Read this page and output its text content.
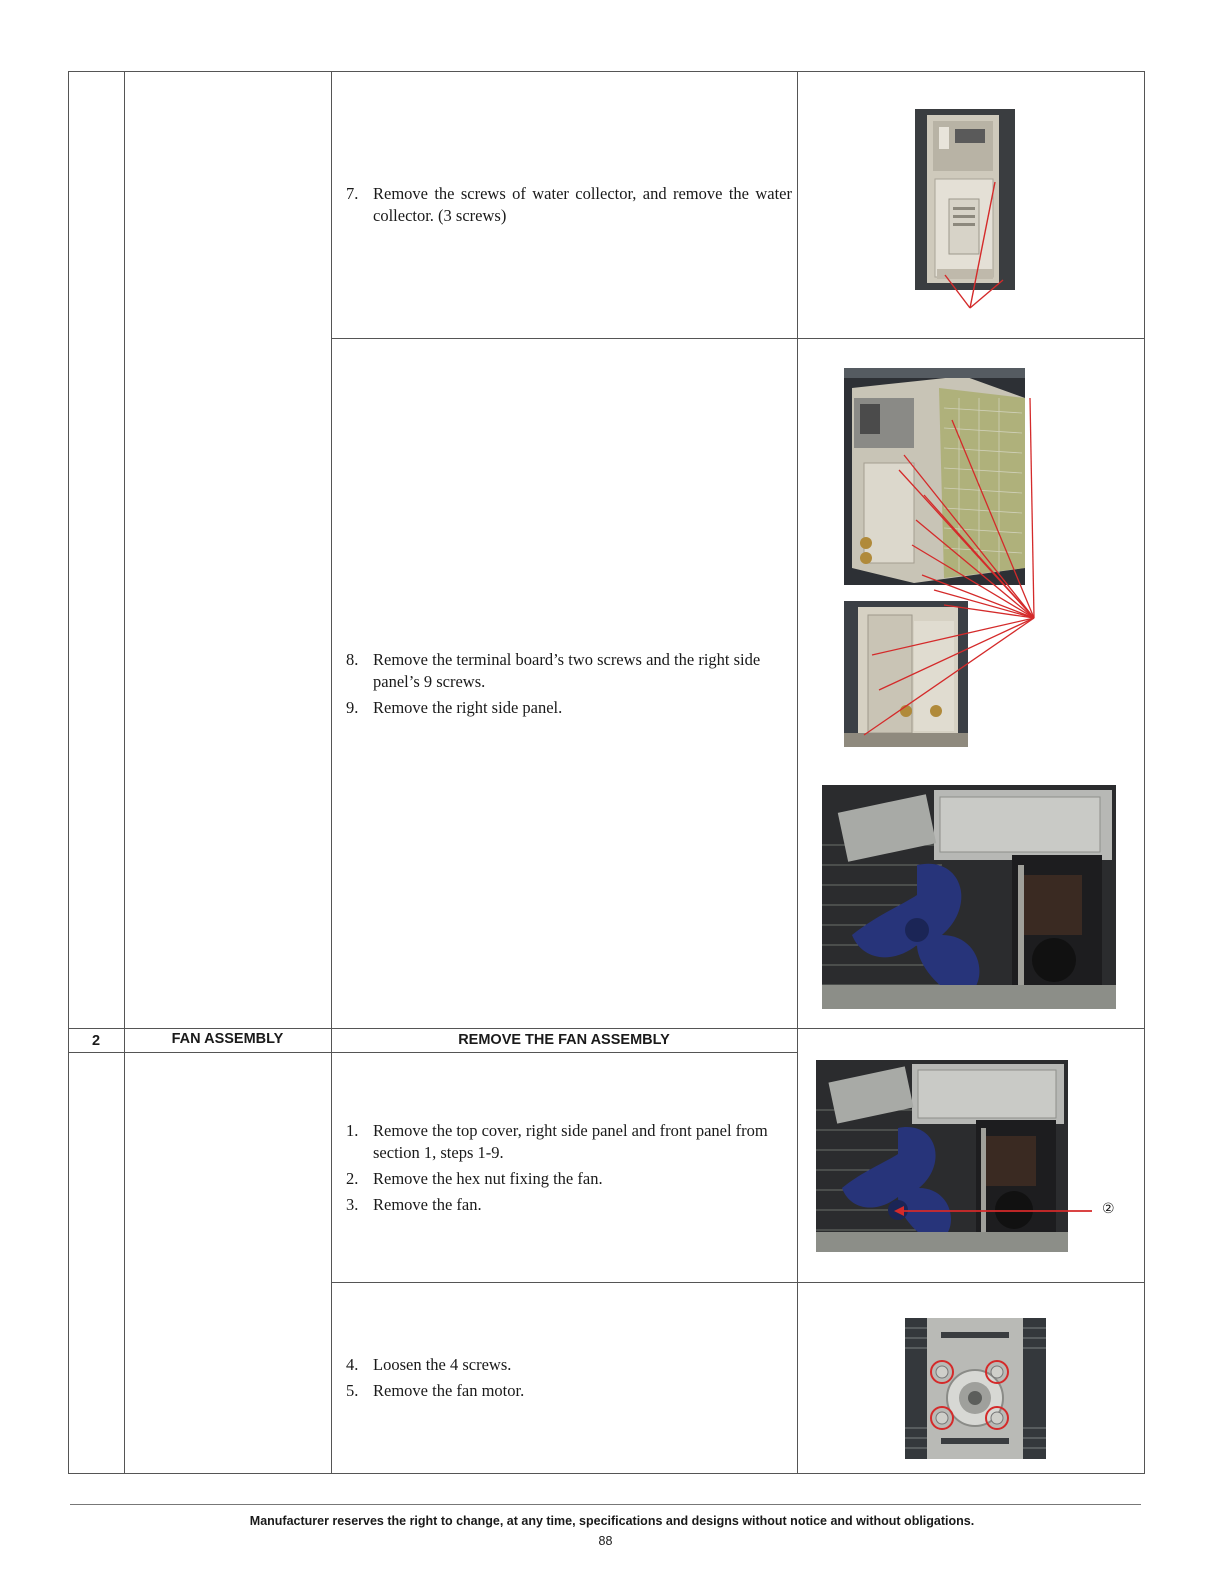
7. Remove the screws of water collector, and remove the water collector. (3 screws)
8. Remove the terminal board’s two screws and the right side panel’s 9 screws.
9. Remove the right side panel.
2	FAN ASSEMBLY	REMOVE THE FAN ASSEMBLY
1. Remove the top cover, right side panel and front panel from section 1, steps 1-9.
2. Remove the hex nut fixing the fan.
3. Remove the fan.
4. Loosen the 4 screws.
5. Remove the fan motor.
②
Manufacturer reserves the right to change, at any time, specifications and designs without notice and without obligations.
88
